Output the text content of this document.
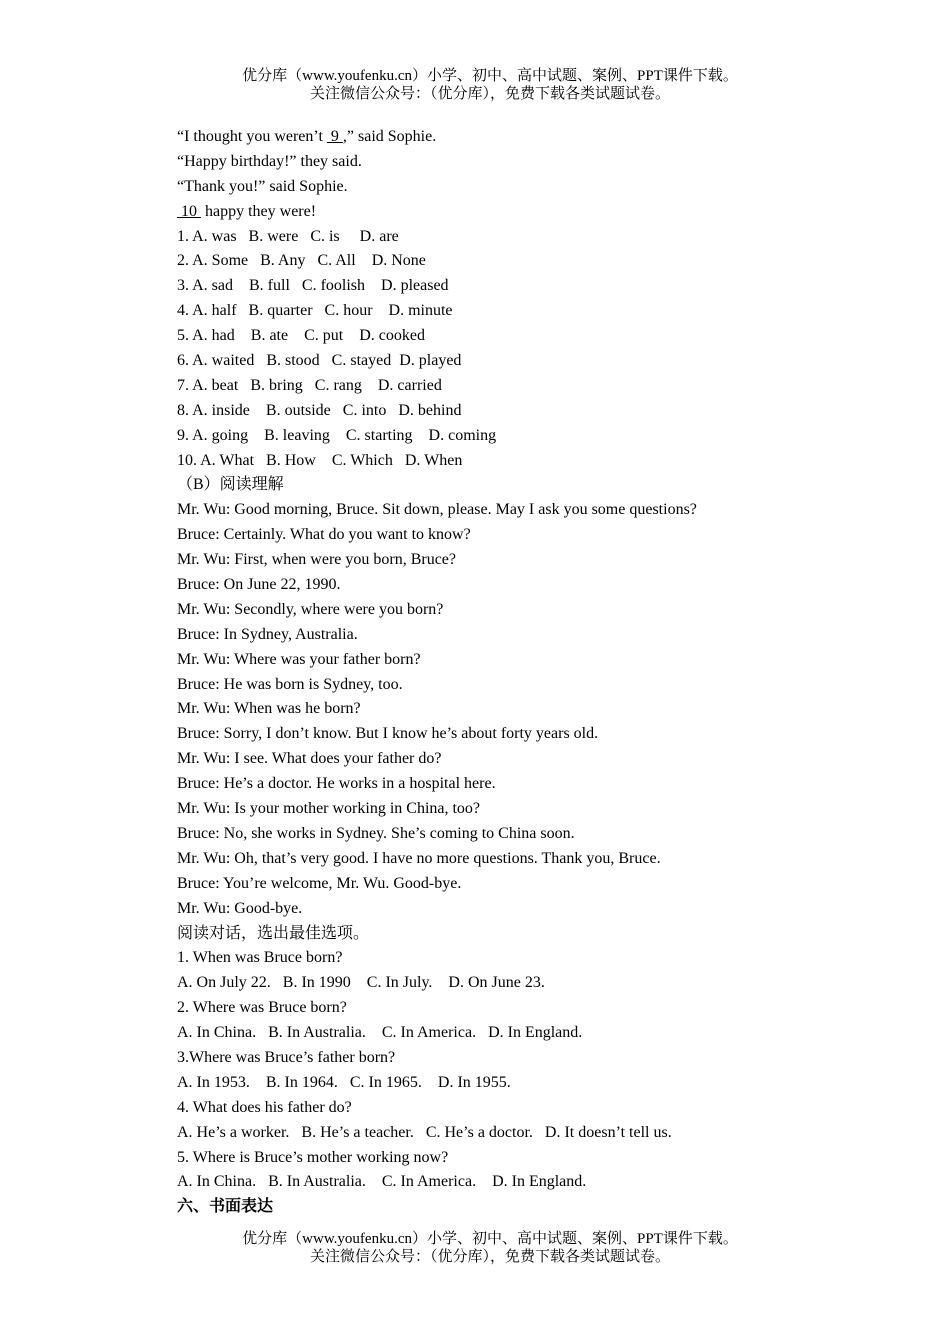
优分库（www.youfenku.cn）小学、初中、高中试题、案例、PPT课件下载。
关注微信公众号：（优分库），免费下载各类试题试卷。
“I thought you weren’t  9 ,” said Sophie.
“Happy birthday!” they said.
“Thank you!” said Sophie.
10  happy they were!
1. A. was   B. were   C. is     D. are
2. A. Some   B. Any   C. All    D. None
3. A. sad    B. full   C. foolish    D. pleased
4. A. half   B. quarter   C. hour    D. minute
5. A. had    B. ate    C. put    D. cooked
6. A. waited   B. stood   C. stayed  D. played
7. A. beat   B. bring   C. rang    D. carried
8. A. inside    B. outside   C. into   D. behind
9. A. going    B. leaving    C. starting    D. coming
10. A. What   B. How    C. Which   D. When
（B）阅读理解
Mr. Wu: Good morning, Bruce. Sit down, please. May I ask you some questions?
Bruce: Certainly. What do you want to know?
Mr. Wu: First, when were you born, Bruce?
Bruce: On June 22, 1990.
Mr. Wu: Secondly, where were you born?
Bruce: In Sydney, Australia.
Mr. Wu: Where was your father born?
Bruce: He was born is Sydney, too.
Mr. Wu: When was he born?
Bruce: Sorry, I don’t know. But I know he’s about forty years old.
Mr. Wu: I see. What does your father do?
Bruce: He’s a doctor. He works in a hospital here.
Mr. Wu: Is your mother working in China, too?
Bruce: No, she works in Sydney. She’s coming to China soon.
Mr. Wu: Oh, that’s very good. I have no more questions. Thank you, Bruce.
Bruce: You’re welcome, Mr. Wu. Good-bye.
Mr. Wu: Good-bye.
阅读对话，选出最佳选项。
1. When was Bruce born?
A. On July 22.   B. In 1990    C. In July.    D. On June 23.
2. Where was Bruce born?
A. In China.   B. In Australia.    C. In America.   D. In England.
3.Where was Bruce’s father born?
A. In 1953.    B. In 1964.   C. In 1965.    D. In 1955.
4. What does his father do?
A. He’s a worker.   B. He’s a teacher.   C. He’s a doctor.   D. It doesn’t tell us.
5. Where is Bruce’s mother working now?
A. In China.   B. In Australia.    C. In America.    D. In England.
六、书面表达
优分库（www.youfenku.cn）小学、初中、高中试题、案例、PPT课件下载。
关注微信公众号：（优分库），免费下载各类试题试卷。
